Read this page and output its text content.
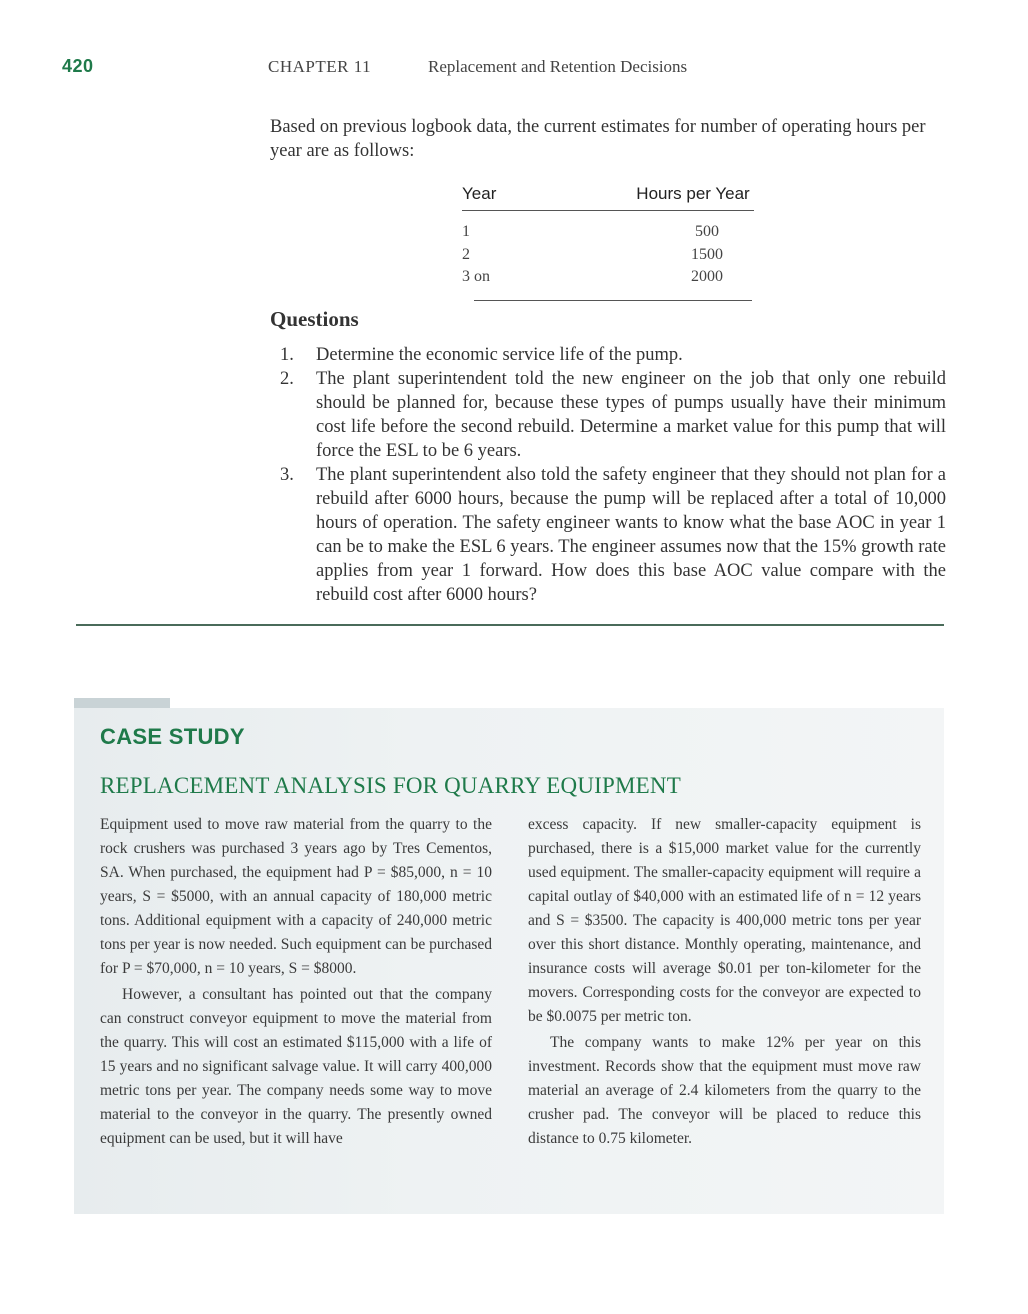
420	CHAPTER 11	Replacement and Retention Decisions
Based on previous logbook data, the current estimates for number of operating hours per year are as follows:
Year	Hours per Year
1	500
2	1500
3 on	2000
Questions
1.	Determine the economic service life of the pump.
2.	The plant superintendent told the new engineer on the job that only one rebuild should be planned for, because these types of pumps usually have their minimum cost life before the second rebuild. Determine a market value for this pump that will force the ESL to be 6 years.
3.	The plant superintendent also told the safety engineer that they should not plan for a rebuild after 6000 hours, because the pump will be replaced after a total of 10,000 hours of operation. The safety engineer wants to know what the base AOC in year 1 can be to make the ESL 6 years. The engineer assumes now that the 15% growth rate applies from year 1 forward. How does this base AOC value compare with the rebuild cost after 6000 hours?
CASE STUDY
REPLACEMENT ANALYSIS FOR QUARRY EQUIPMENT

Equipment used to move raw material from the quarry to the rock crushers was purchased 3 years ago by Tres Cementos, SA. When purchased, the equipment had P = $85,000, n = 10 years, S = $5000, with an annual capacity of 180,000 metric tons. Additional equipment with a capacity of 240,000 metric tons per year is now needed. Such equipment can be purchased for P = $70,000, n = 10 years, S = $8000.

However, a consultant has pointed out that the company can construct conveyor equipment to move the material from the quarry. This will cost an estimated $115,000 with a life of 15 years and no significant salvage value. It will carry 400,000 metric tons per year. The company needs some way to move material to the conveyor in the quarry. The presently owned equipment can be used, but it will have

excess capacity. If new smaller-capacity equipment is purchased, there is a $15,000 market value for the currently used equipment. The smaller-capacity equipment will require a capital outlay of $40,000 with an estimated life of n = 12 years and S = $3500. The capacity is 400,000 metric tons per year over this short distance. Monthly operating, maintenance, and insurance costs will average $0.01 per ton-kilometer for the movers. Corresponding costs for the conveyor are expected to be $0.0075 per metric ton.

The company wants to make 12% per year on this investment. Records show that the equipment must move raw material an average of 2.4 kilometers from the quarry to the crusher pad. The conveyor will be placed to reduce this distance to 0.75 kilometer.
